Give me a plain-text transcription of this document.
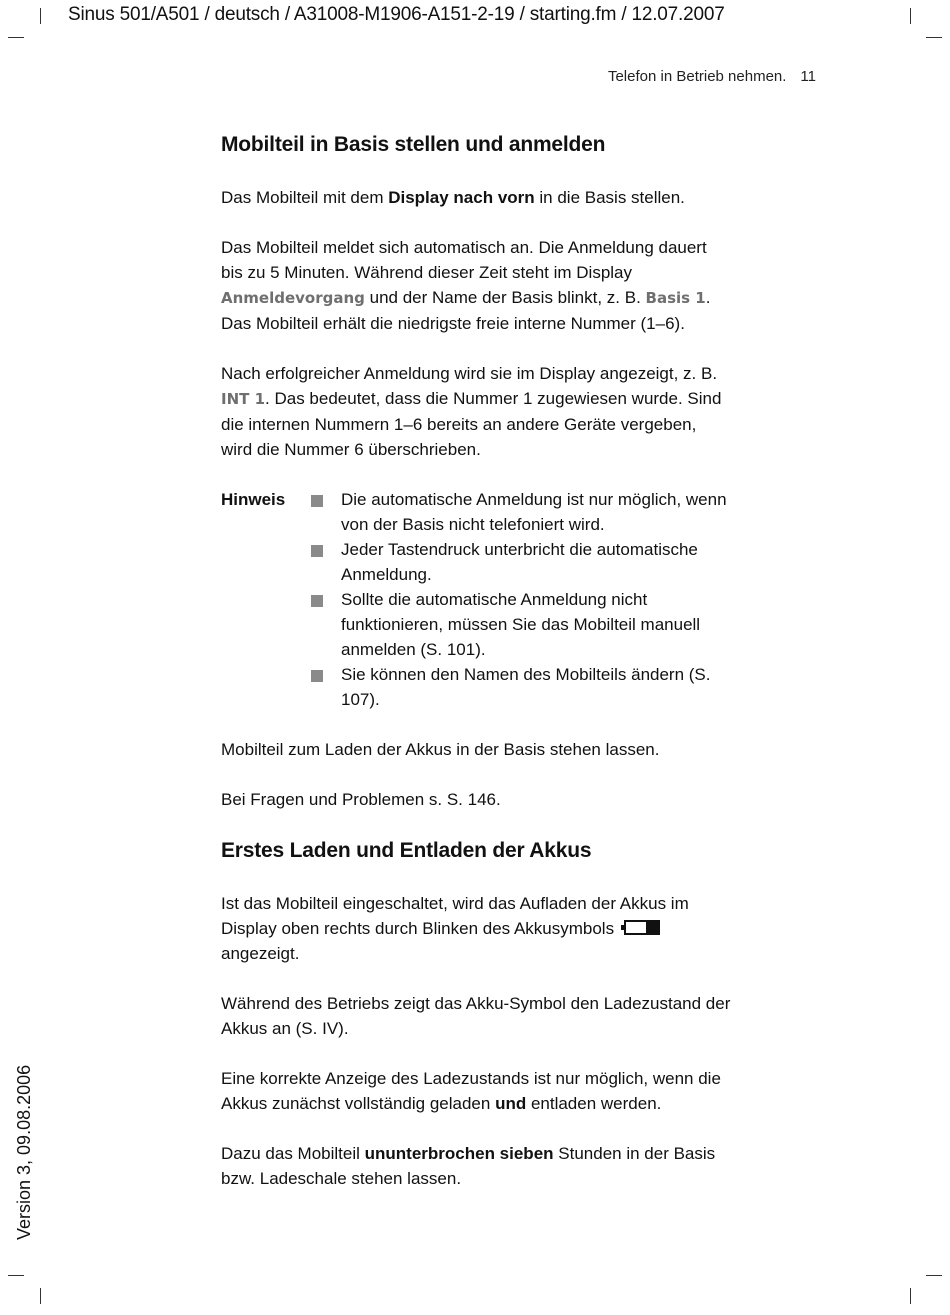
Sinus 501/A501 / deutsch / A31008-M1906-A151-2-19 / starting.fm / 12.07.2007
Telefon in Betrieb nehmen. 11
Version 3, 09.08.2006
Mobilteil in Basis stellen und anmelden

Das Mobilteil mit dem Display nach vorn in die Basis stellen.

Das Mobilteil meldet sich automatisch an. Die Anmeldung dauert bis zu 5 Minuten. Während dieser Zeit steht im Display Anmeldevorgang und der Name der Basis blinkt, z. B. Basis 1. Das Mobilteil erhält die niedrigste freie interne Nummer (1–6).

Nach erfolgreicher Anmeldung wird sie im Display angezeigt, z. B. INT 1. Das bedeutet, dass die Nummer 1 zugewiesen wurde. Sind die internen Nummern 1–6 bereits an andere Geräte vergeben, wird die Nummer 6 überschrieben.

Hinweis	Die automatische Anmeldung ist nur möglich, wenn von der Basis nicht telefoniert wird.
Jeder Tastendruck unterbricht die automatische Anmeldung.
Sollte die automatische Anmeldung nicht funktionieren, müssen Sie das Mobilteil manuell anmelden (S. 101).
Sie können den Namen des Mobilteils ändern (S. 107).

Mobilteil zum Laden der Akkus in der Basis stehen lassen.

Bei Fragen und Problemen s. S. 146.

Erstes Laden und Entladen der Akkus

Ist das Mobilteil eingeschaltet, wird das Aufladen der Akkus im Display oben rechts durch Blinken des Akkusymbols
angezeigt.

Während des Betriebs zeigt das Akku-Symbol den Ladezustand der Akkus an (S. IV).

Eine korrekte Anzeige des Ladezustands ist nur möglich, wenn die Akkus zunächst vollständig geladen und entladen werden.

Dazu das Mobilteil ununterbrochen sieben Stunden in der Basis bzw. Ladeschale stehen lassen.
